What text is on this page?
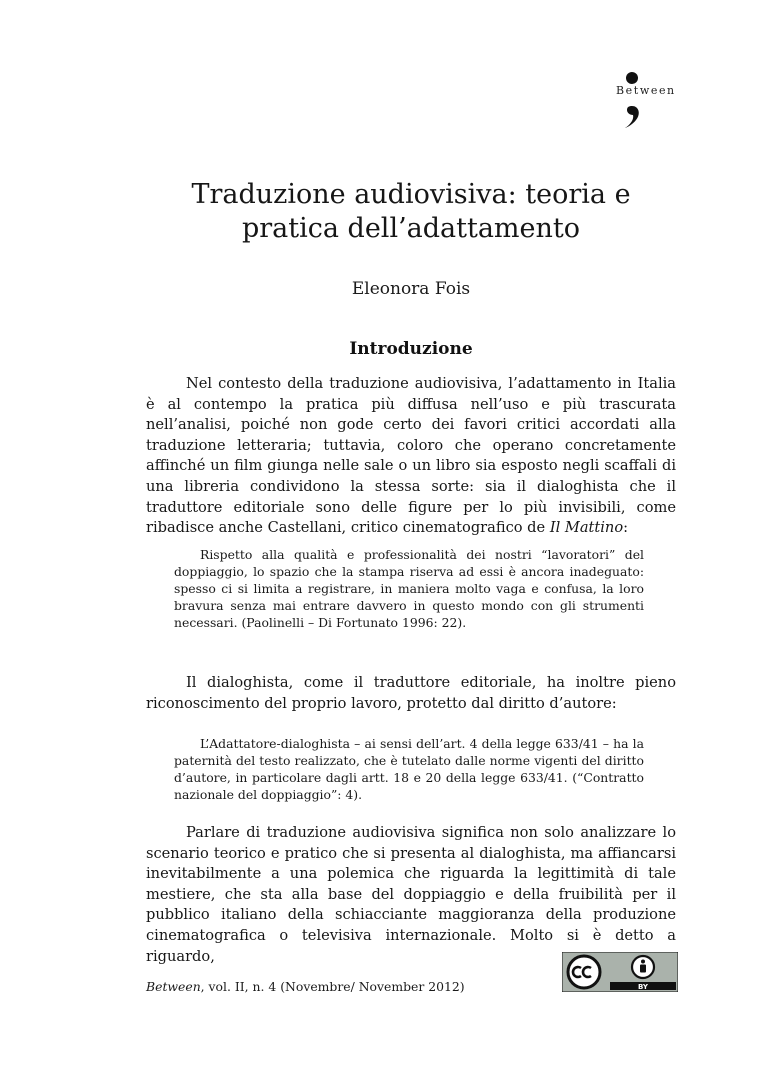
Between
Traduzione audiovisiva: teoria e
pratica dell’adattamento
Eleonora Fois
Introduzione

Nel contesto della traduzione audiovisiva, l’adattamento in Italia è al contempo la pratica più diffusa nell’uso e più trascurata nell’analisi, poiché non gode certo dei favori critici accordati alla traduzione letteraria; tuttavia, coloro che operano concretamente affinché un film giunga nelle sale o un libro sia esposto negli scaffali di una libreria condividono la stessa sorte: sia il dialoghista che il traduttore editoriale sono delle figure per lo più invisibili, come ribadisce anche Castellani, critico cinematografico de Il Mattino:

Rispetto alla qualità e professionalità dei nostri “lavoratori” del doppiaggio, lo spazio che la stampa riserva ad essi è ancora inadeguato: spesso ci si limita a registrare, in maniera molto vaga e confusa, la loro bravura senza mai entrare davvero in questo mondo con gli strumenti necessari. (Paolinelli – Di Fortunato 1996: 22).

Il dialoghista, come il traduttore editoriale, ha inoltre pieno riconoscimento del proprio lavoro, protetto dal diritto d’autore:

L’Adattatore-dialoghista – ai sensi dell’art. 4 della legge 633/41 – ha la paternità del testo realizzato, che è tutelato dalle norme vigenti del diritto d’autore, in particolare dagli artt. 18 e 20 della legge 633/41. (“Contratto nazionale del doppiaggio”: 4).

Parlare di traduzione audiovisiva significa non solo analizzare lo scenario teorico e pratico che si presenta al dialoghista, ma affiancarsi inevitabilmente a una polemica che riguarda la legittimità di tale mestiere, che sta alla base del doppiaggio e della fruibilità per il pubblico italiano della schiacciante maggioranza della produzione cinematografica o televisiva internazionale. Molto si è detto a riguardo,

Between, vol. II, n. 4 (Novembre/ November 2012)	BY
